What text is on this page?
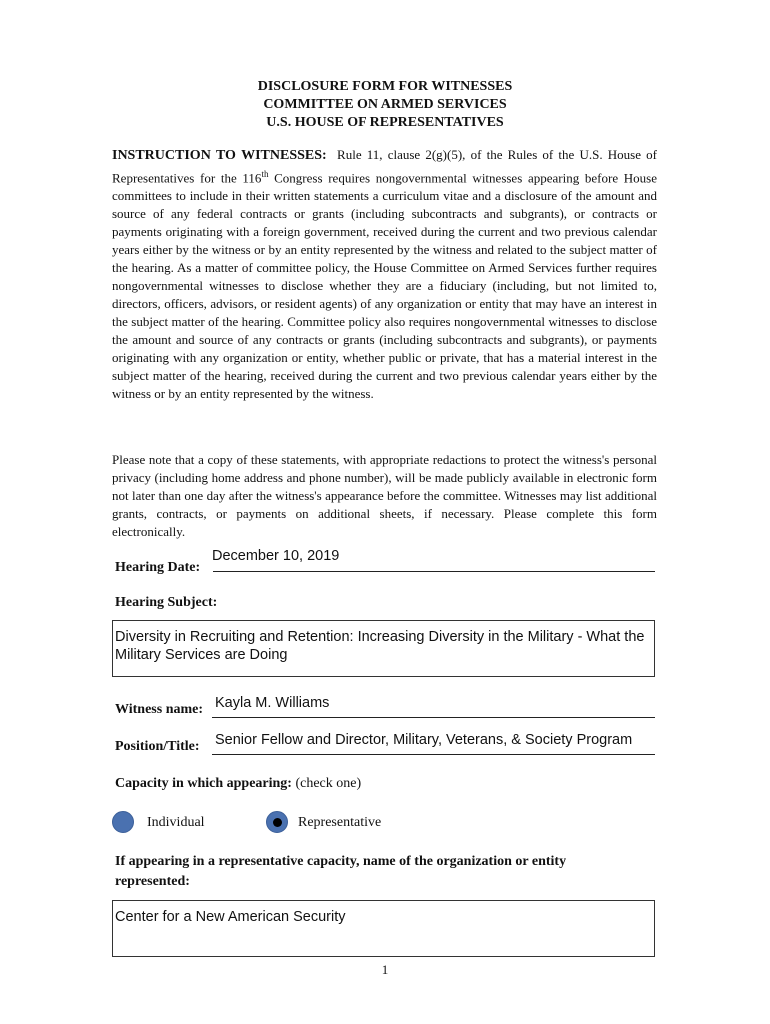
DISCLOSURE FORM FOR WITNESSES
COMMITTEE ON ARMED SERVICES
U.S. HOUSE OF REPRESENTATIVES
INSTRUCTION TO WITNESSES: Rule 11, clause 2(g)(5), of the Rules of the U.S. House of Representatives for the 116th Congress requires nongovernmental witnesses appearing before House committees to include in their written statements a curriculum vitae and a disclosure of the amount and source of any federal contracts or grants (including subcontracts and subgrants), or contracts or payments originating with a foreign government, received during the current and two previous calendar years either by the witness or by an entity represented by the witness and related to the subject matter of the hearing. As a matter of committee policy, the House Committee on Armed Services further requires nongovernmental witnesses to disclose whether they are a fiduciary (including, but not limited to, directors, officers, advisors, or resident agents) of any organization or entity that may have an interest in the subject matter of the hearing. Committee policy also requires nongovernmental witnesses to disclose the amount and source of any contracts or grants (including subcontracts and subgrants), or payments originating with any organization or entity, whether public or private, that has a material interest in the subject matter of the hearing, received during the current and two previous calendar years either by the witness or by an entity represented by the witness.
Please note that a copy of these statements, with appropriate redactions to protect the witness's personal privacy (including home address and phone number), will be made publicly available in electronic form not later than one day after the witness's appearance before the committee. Witnesses may list additional grants, contracts, or payments on additional sheets, if necessary. Please complete this form electronically.
Hearing Date:
December 10, 2019
Hearing Subject:
Diversity in Recruiting and Retention: Increasing Diversity in the Military - What the Military Services are Doing
Witness name: Kayla M. Williams
Position/Title: Senior Fellow and Director, Military, Veterans, & Society Program
Capacity in which appearing: (check one)
Individual	Representative
If appearing in a representative capacity, name of the organization or entity represented:
Center for a New American Security
1
